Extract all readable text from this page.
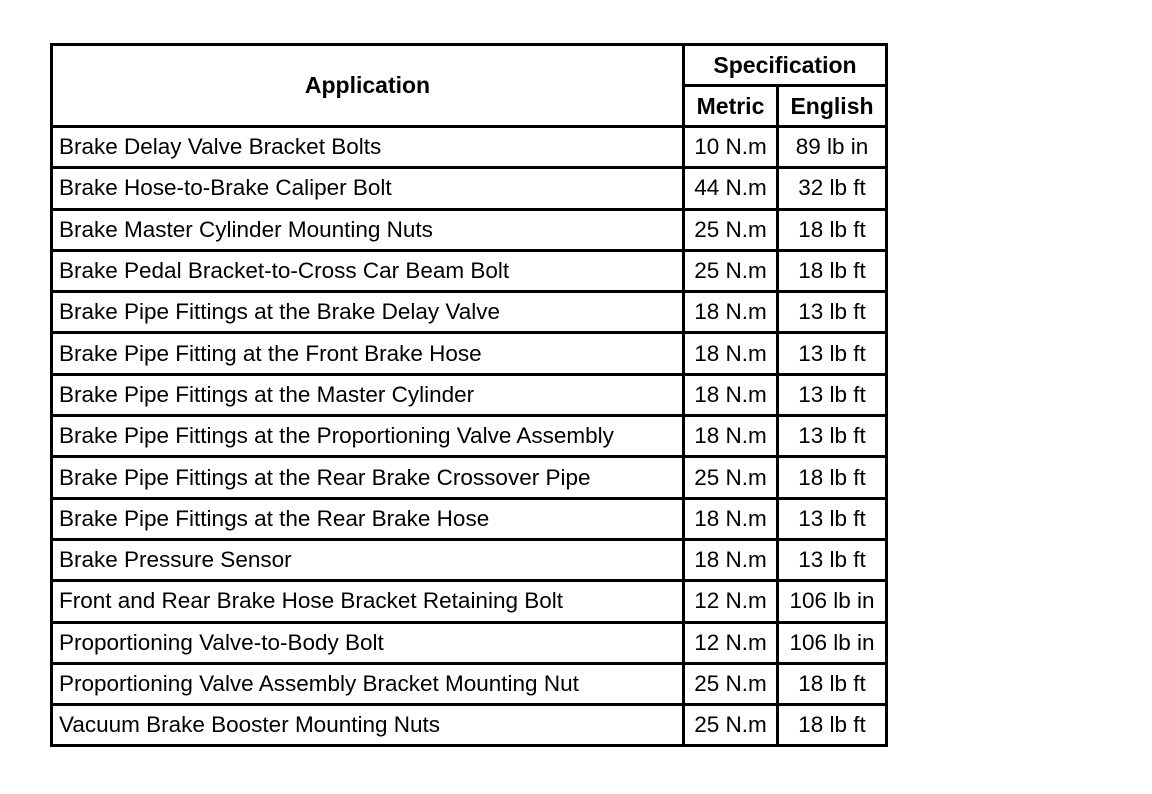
Application	Specification	
	Metric	English
Brake Delay Valve Bracket Bolts	10 N.m	89 lb in
Brake Hose-to-Brake Caliper Bolt	44 N.m	32 lb ft
Brake Master Cylinder Mounting Nuts	25 N.m	18 lb ft
Brake Pedal Bracket-to-Cross Car Beam Bolt	25 N.m	18 lb ft
Brake Pipe Fittings at the Brake Delay Valve	18 N.m	13 lb ft
Brake Pipe Fitting at the Front Brake Hose	18 N.m	13 lb ft
Brake Pipe Fittings at the Master Cylinder	18 N.m	13 lb ft
Brake Pipe Fittings at the Proportioning Valve Assembly	18 N.m	13 lb ft
Brake Pipe Fittings at the Rear Brake Crossover Pipe	25 N.m	18 lb ft
Brake Pipe Fittings at the Rear Brake Hose	18 N.m	13 lb ft
Brake Pressure Sensor	18 N.m	13 lb ft
Front and Rear Brake Hose Bracket Retaining Bolt	12 N.m	106 lb in
Proportioning Valve-to-Body Bolt	12 N.m	106 lb in
Proportioning Valve Assembly Bracket Mounting Nut	25 N.m	18 lb ft
Vacuum Brake Booster Mounting Nuts	25 N.m	18 lb ft
